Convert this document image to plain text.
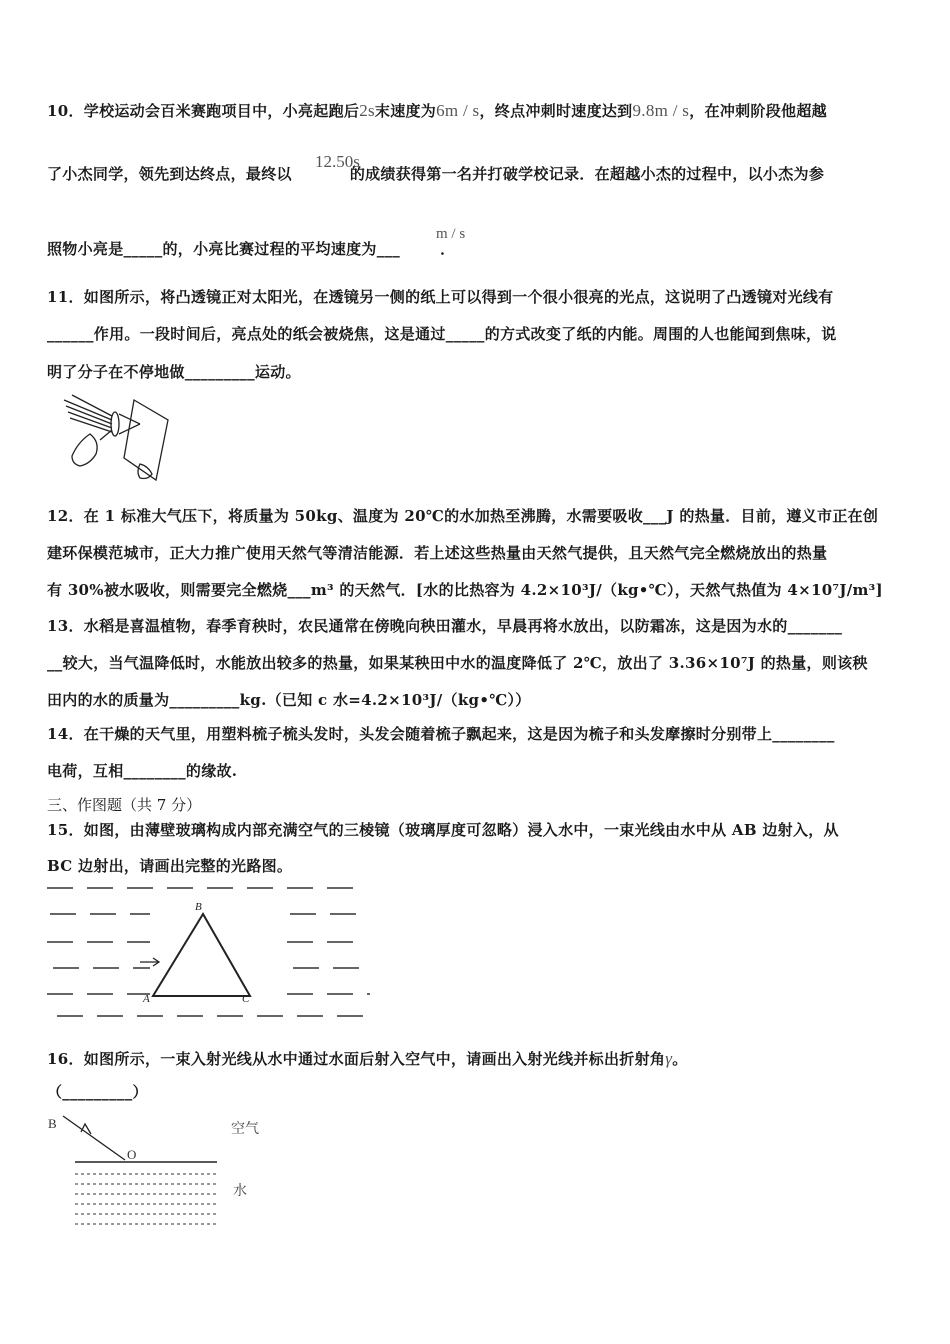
10．学校运动会百米赛跑项目中，小亮起跑后2s末速度为6m / s，终点冲刺时速度达到9.8m / s，在冲刺阶段他超越
12.50s
了小杰同学，领先到达终点，最终以	的成绩获得第一名并打破学校记录．在超越小杰的过程中，以小杰为参
m / s
照物小亮是_____的，小亮比赛过程的平均速度为___	．
11．如图所示，将凸透镜正对太阳光，在透镜另一侧的纸上可以得到一个很小很亮的光点，这说明了凸透镜对光线有
______作用。一段时间后，亮点处的纸会被烧焦，这是通过_____的方式改变了纸的内能。周围的人也能闻到焦味，说
明了分子在不停地做_________运动。
12．在 1 标准大气压下，将质量为 50kg、温度为 20℃的水加热至沸腾，水需要吸收___J 的热量．目前，遵义市正在创
建环保模范城市，正大力推广使用天然气等清洁能源．若上述这些热量由天然气提供，且天然气完全燃烧放出的热量
有 30%被水吸收，则需要完全燃烧___m³ 的天然气．[水的比热容为 4.2×10³J/（kg•℃），天然气热值为 4×10⁷J/m³]
13．水稻是喜温植物，春季育秧时，农民通常在傍晚向秧田灌水，早晨再将水放出，以防霜冻，这是因为水的_______
__较大，当气温降低时，水能放出较多的热量，如果某秧田中水的温度降低了 2℃，放出了 3.36×10⁷J 的热量，则该秧
田内的水的质量为_________kg.（已知 c 水=4.2×10³J/（kg•℃））
14．在干燥的天气里，用塑料梳子梳头发时，头发会随着梳子飘起来，这是因为梳子和头发摩擦时分别带上________
电荷，互相________的缘故.
三、作图题（共 7 分）
15．如图，由薄壁玻璃构成内部充满空气的三棱镜（玻璃厚度可忽略）浸入水中，一束光线由水中从 AB 边射入，从
BC 边射出，请画出完整的光路图。
B
A	C
16．如图所示，一束入射光线从水中通过水面后射入空气中，请画出入射光线并标出折射角γ。
（_________）
B
O
空气
水
